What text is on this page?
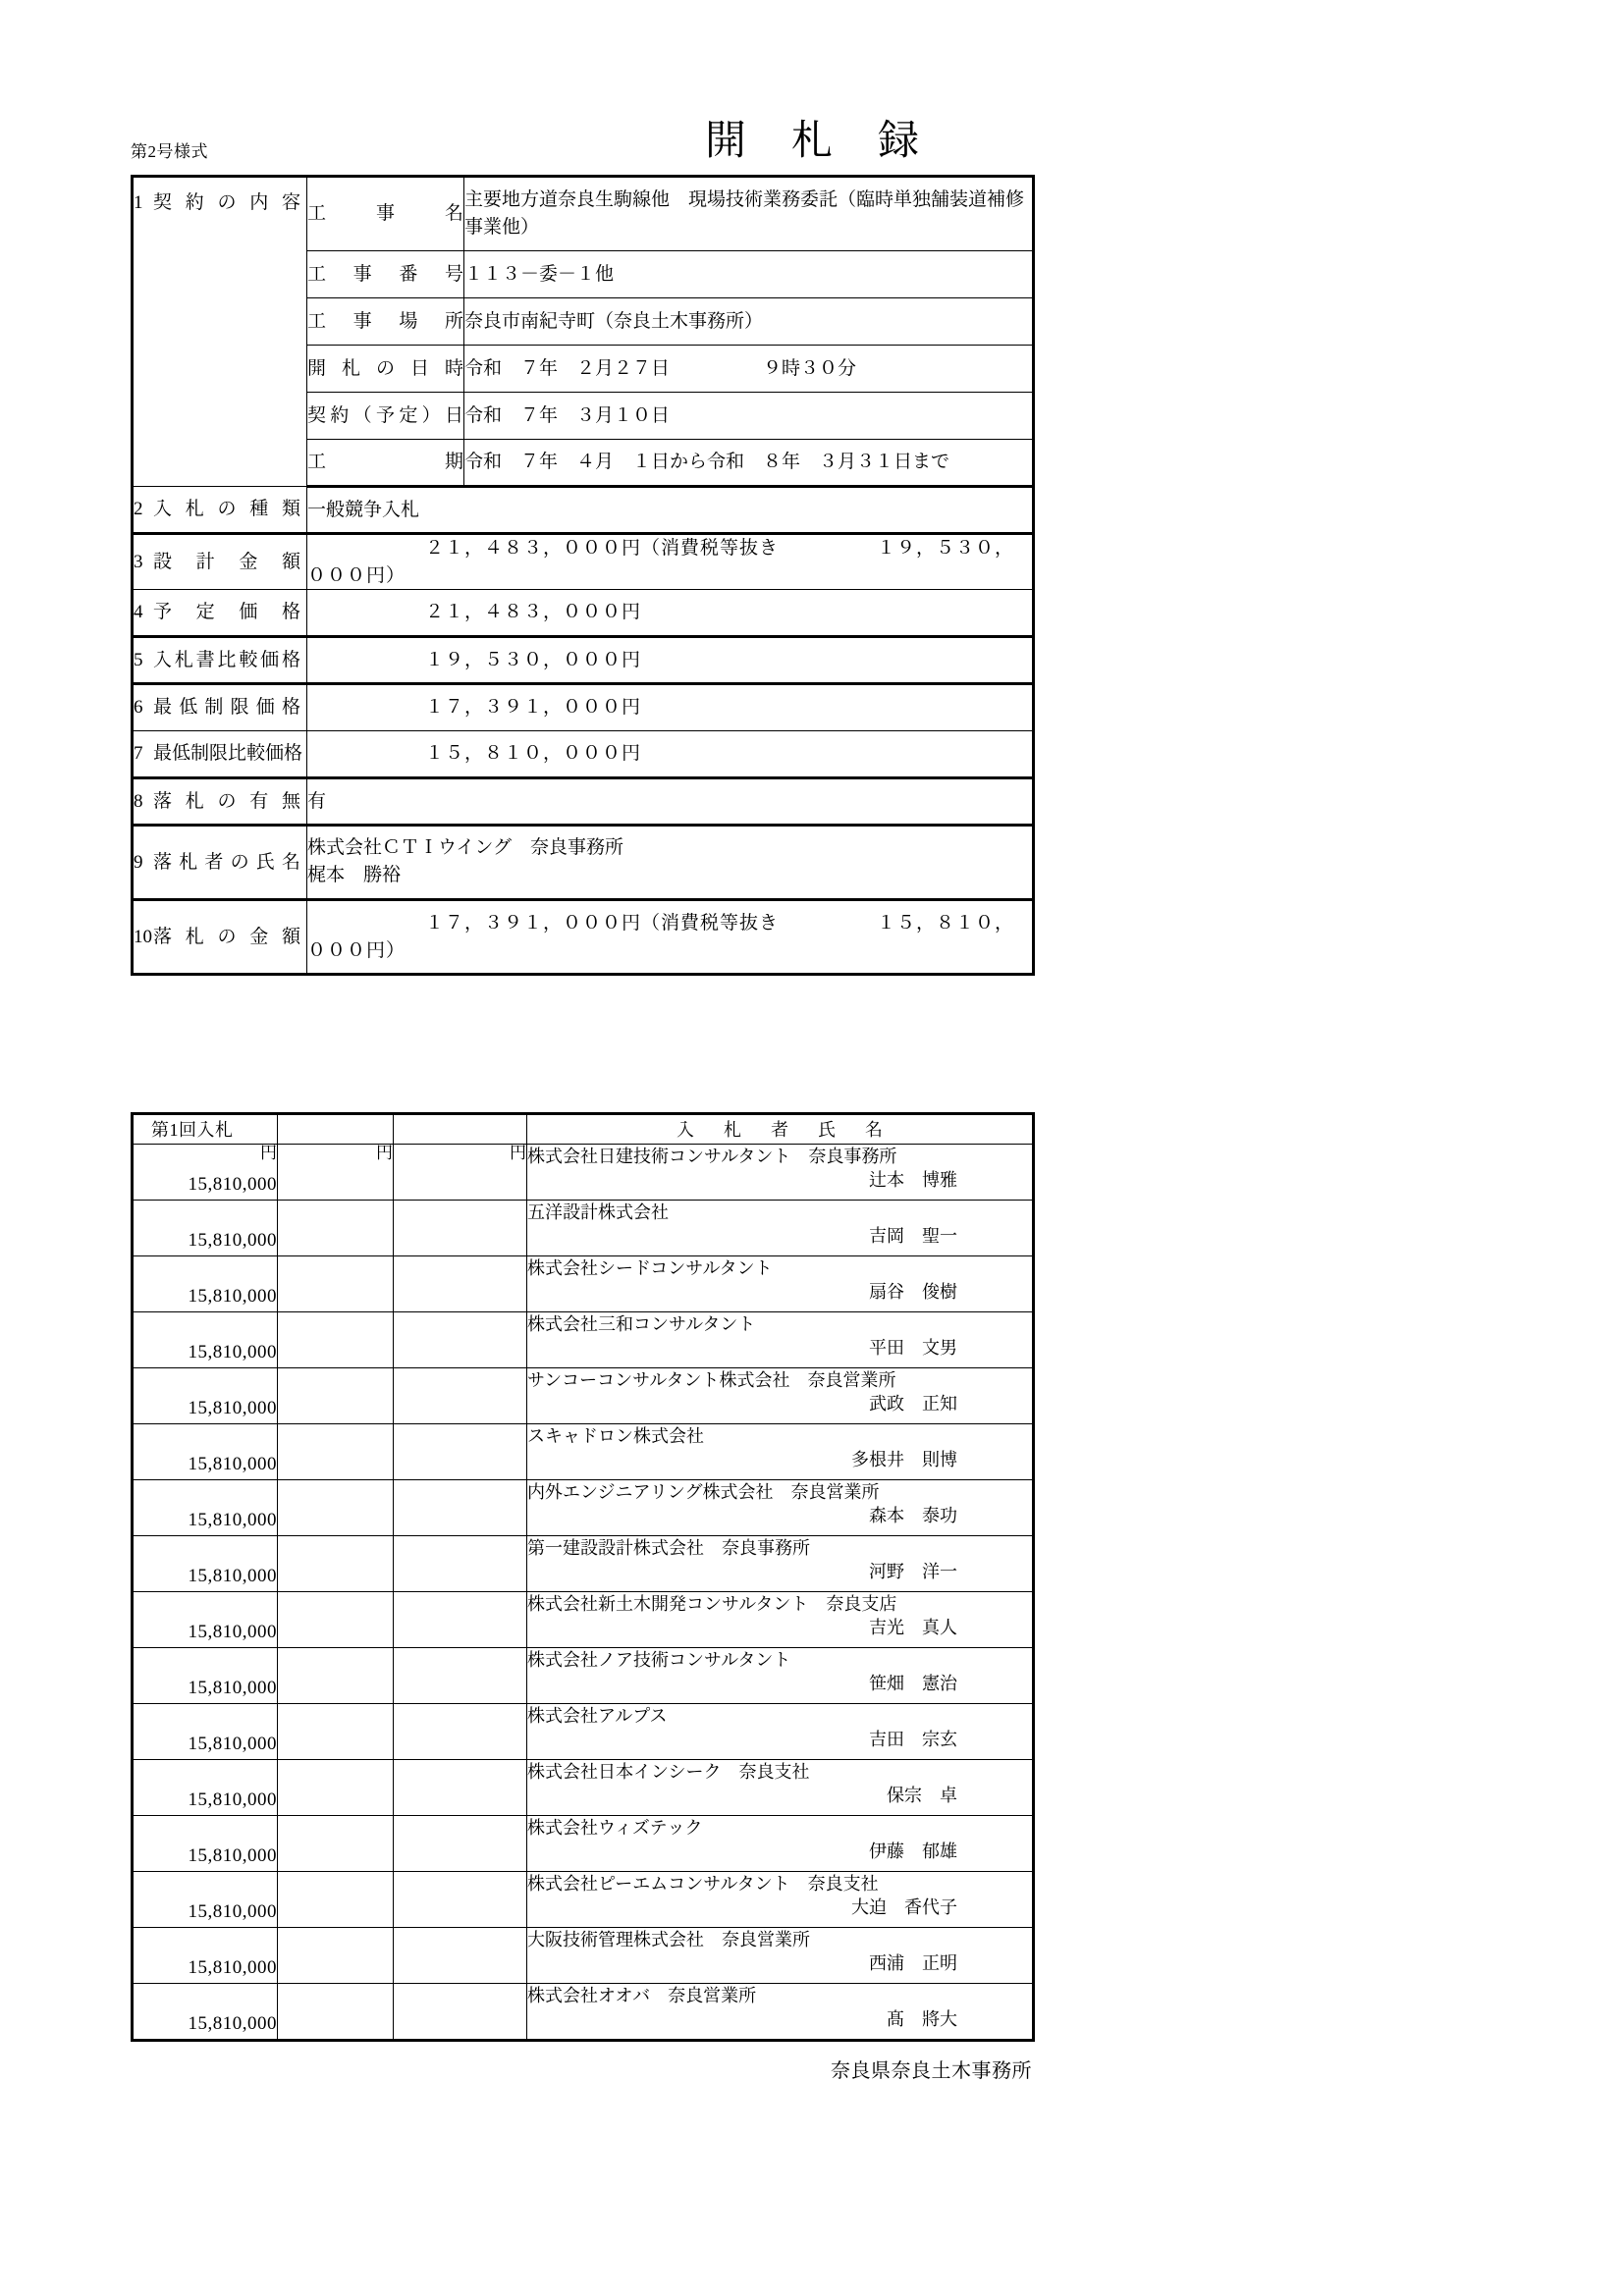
第2号様式	開札録
1 契約の内容	工事名	主要地方道奈良生駒線他　現場技術業務委託（臨時単独舗装道補修事業他）
	工事番号	１１３－委－１他
	工事場所	奈良市南紀寺町（奈良土木事務所）
	開札の日時	令和　７年　２月２７日　　　　　９時３０分
	契約（予定）日	令和　７年　３月１０日
	工期	令和　７年　４月　１日から令和　８年　３月３１日まで
2 入札の種類	一般競争入札	
3 設計金額	２１，４８３，０００円（消費税等抜き　　　　　１９，５３０，０００円）	
4 予定価格	２１，４８３，０００円	
5 入札書比較価格	１９，５３０，０００円	
6 最低制限価格	１７，３９１，０００円	
7 最低制限比較価格	１５，８１０，０００円	
8 落札の有無	有	
9 落札者の氏名	株式会社ＣＴＩウイング　奈良事務所
梶本　勝裕	

10落札の金額	１７，３９１，０００円（消費税等抜き　　　　　１５，８１０，０００円）	
第1回入札			入札者氏名

円
15,810,000	円	円	株式会社日建技術コンサルタント　奈良事務所
辻本　博雅

15,810,000			五洋設計株式会社
吉岡　聖一

15,810,000			株式会社シードコンサルタント
扇谷　俊樹

15,810,000			株式会社三和コンサルタント
平田　文男

15,810,000			サンコーコンサルタント株式会社　奈良営業所
武政　正知

15,810,000			スキャドロン株式会社
多根井　則博

15,810,000			内外エンジニアリング株式会社　奈良営業所
森本　泰功

15,810,000			第一建設設計株式会社　奈良事務所
河野　洋一

15,810,000			株式会社新土木開発コンサルタント　奈良支店
吉光　真人

15,810,000			株式会社ノア技術コンサルタント
笹畑　憲治

15,810,000			株式会社アルプス
吉田　宗玄

15,810,000			株式会社日本インシーク　奈良支社
保宗　卓

15,810,000			株式会社ウィズテック
伊藤　郁雄

15,810,000			株式会社ピーエムコンサルタント　奈良支社
大迫　香代子

15,810,000			大阪技術管理株式会社　奈良営業所
西浦　正明

15,810,000			株式会社オオバ　奈良営業所
髙　將大
奈良県奈良土木事務所
